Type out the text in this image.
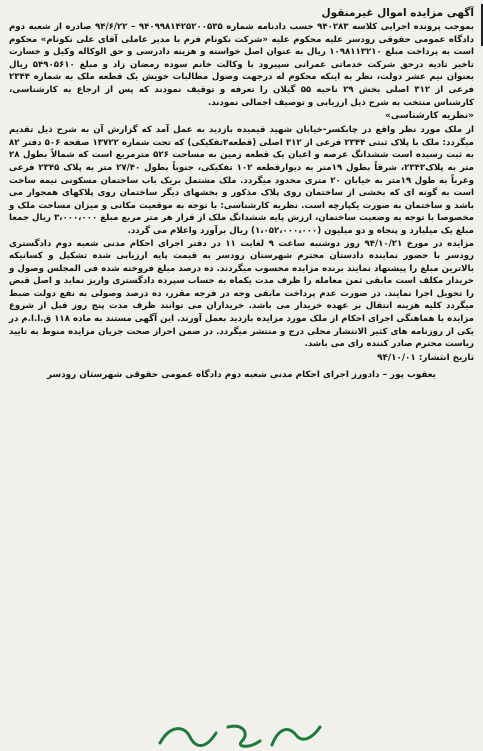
آگهی مزایده اموال غیرمنقول

بموجب پرونده اجرایی کلاسه ۹۴۰۲۸۳ حسب دادنامه شماره ۹۴۰۹۹۸۱۴۲۵۲۰۰۵۳۵ – ۹۴/۶/۲۲ صادره از شعبه دوم دادگاه عمومی حقوقی رودسر علیه محکوم علیه «شرکت نکونام فرم با مدیر عاملی آقای علی نکونام» محکوم است به پرداخت مبلغ ۱۰۹۸۱۱۳۲۱۰ ریال به عنوان اصل خواسته و هزینه دادرسی و حق الوکاله وکیل و خسارت تاخیر تادیه درحق شرکت خدماتی عمرانی سپیرود با وکالت خانم سوده رمضان زاد و مبلغ ۵۴۹۰۵۶۱۰ ریال بعنوان نیم عشر دولت، نظر به اینکه محکوم له درجهت وصول مطالبات خویش یک قطعه ملک به شماره ۲۳۴۴ فرعی از ۳۱۲ اصلی بخش ۲۹ ناحیه ۵۵ گیلان را تعرفه و توقیف نمودند که پس از ارجاع به کارشناسی، کارشناس منتخب به شرح ذیل ارزیابی و توصیف اجمالی نمودند.

«نظریه کارشناسی»

از ملک مورد نظر واقع در چابکسر-خیابان شهید قیمیده بازدید به عمل آمد که گزارش آن به شرح ذیل تقدیم میگردد: ملک با پلاک ثبتی ۲۳۴۴ فرعی از ۳۱۲ اصلی (قطعه۳تفکیکی) که تحت شماره ۱۳۷۲۲ صفحه ۵۰۶ دفتر ۸۲ به ثبت رسیده است ششدانگ عرصه و اعیان یک قطعه زمین به مساحت ۵۲۶ مترمربع است که شمالاً بطول ۲۸ متر به پلاک۲۳۴۳، شرقاً بطول ۱۹متر به دیوارقطعه ۱۰۲ تفکیکی، جنوباً بطول ۲۷/۴۰ متر به پلاک ۲۳۴۵ فرعی وغرباً به طول ۱۹متر به خیابان ۲۰ متری محدود میگردد. ملک مشتمل بریک باب ساختمان مسکونی نیمه ساخت است به گونه ای که بخشی از ساختمان روی پلاک مذکور و بخشهای دیگر ساختمان روی پلاکهای همجوار می باشد و ساختمان به صورت یکپارچه است. نظریه کارشناسی: با توجه به موقعیت مکانی و میزان مساحت ملک و مخصوصا با توجه به وضعیت ساختمان، ارزش پایه ششدانگ ملک از قرار هر متر مربع مبلغ ۳،۰۰۰،۰۰۰ ریال جمعا مبلغ یک میلیارد و پنجاه و دو میلیون (۱،۰۵۲،۰۰۰،۰۰۰) ریال برآورد واعلام می گردد.

مزایده در مورخ ۹۴/۱۰/۲۱ روز دوشنبه ساعت ۹ لغایت ۱۱ در دفتر اجرای احکام مدنی شعبه دوم دادگستری رودسر با حضور نماینده دادستان محترم شهرستان رودسر به قیمت پایه ارزیابی شده تشکیل و کسانیکه بالاترین مبلغ را پیشنهاد نمایند برنده مزایده محسوب میگردند. ده درصد مبلغ فروخته شده فی المجلس وصول و خریدار مکلف است مابقی ثمن معامله را ظرف مدت یکماه به حساب سپرده دادگستری واریز نماید و اصل قبض را تحویل اجرا نمایند. در صورت عدم پرداخت مابقی وجه در فرجه مقرر، ده درصد وصولی به نفع دولت ضبط میگردد کلیه هزینه انتقال بر عهده خریدار می باشد. خریداران می توانند ظرف مدت پنج روز قبل از شروع مزایده با هماهنگی اجرای احکام از ملک مورد مزایده بازدید بعمل آورند. این آگهی مستند به ماده ۱۱۸ ق.ا.ا.م در یکی از روزنامه های کثیر الانتشار محلی درج و منتشر میگردد. در ضمن احراز صحت جریان مزایده منوط به تایید ریاست محترم صادر کننده رای می باشد.

تاریخ انتشار: ۹۴/۱۰/۰۱
یعقوب پور – دادورز اجرای احکام مدنی شعبه دوم دادگاه عمومی حقوقی شهرستان رودسر
